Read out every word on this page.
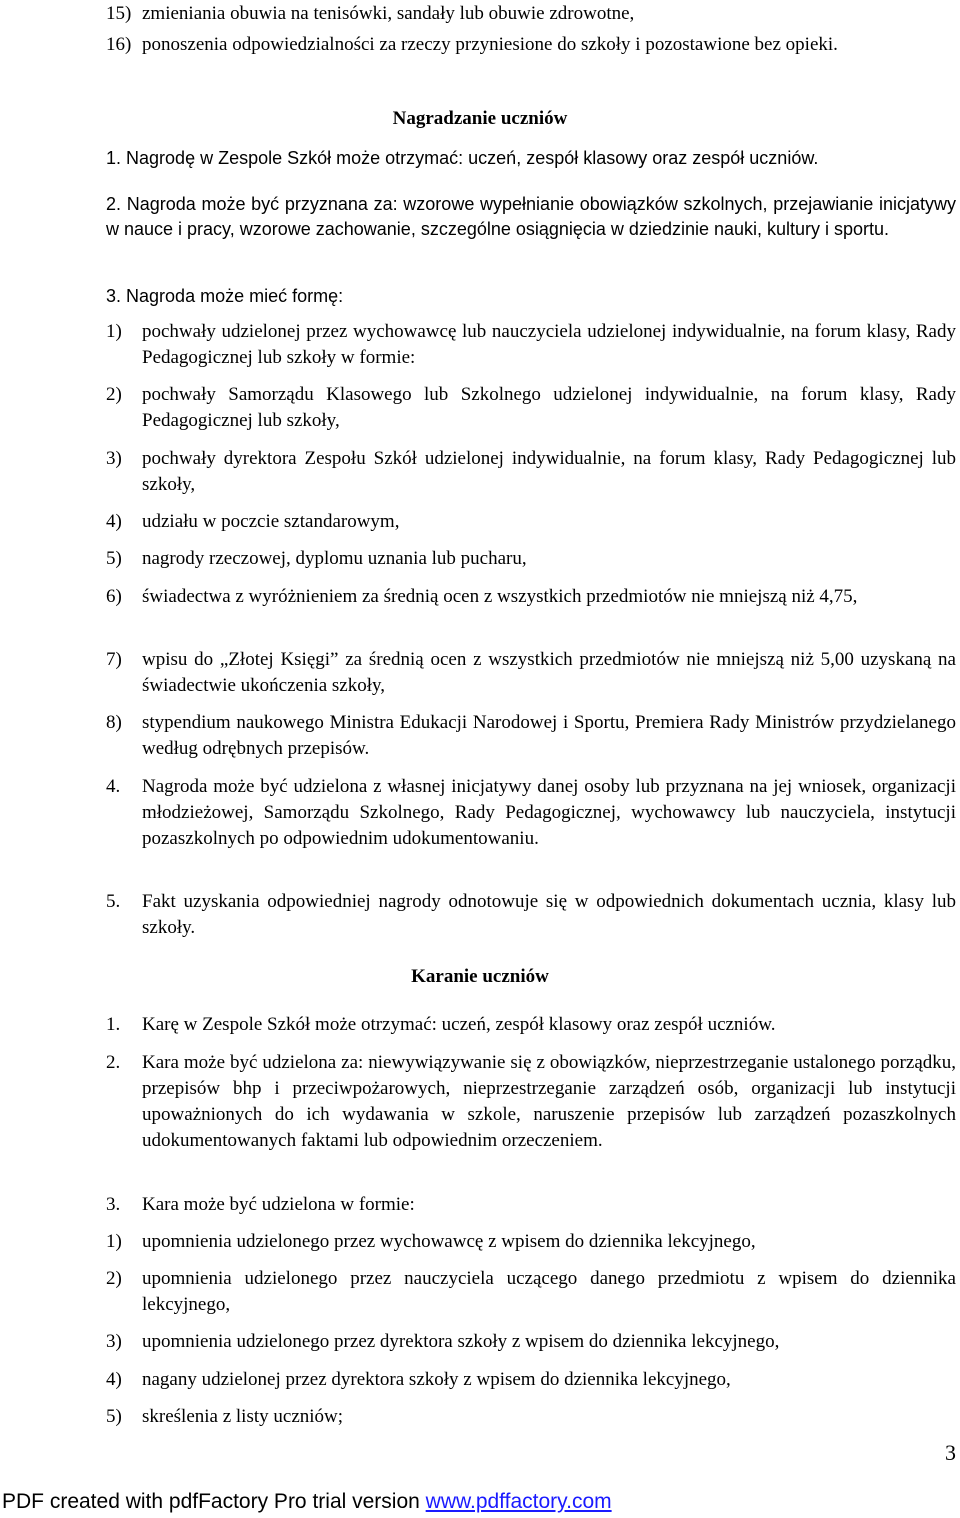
15) zmieniania obuwia na tenisówki, sandały lub obuwie zdrowotne,
16) ponoszenia odpowiedzialności za rzeczy przyniesione do szkoły i pozostawione bez opieki.
Nagradzanie uczniów
1. Nagrodę w Zespole Szkół może otrzymać: uczeń, zespół klasowy oraz zespół uczniów.
2. Nagroda może być przyznana za: wzorowe wypełnianie obowiązków szkolnych, przejawianie inicjatywy w nauce i pracy, wzorowe zachowanie, szczególne osiągnięcia w dziedzinie nauki, kultury i sportu.
3. Nagroda może mieć formę:
1) pochwały udzielonej przez wychowawcę lub nauczyciela udzielonej indywidualnie, na forum klasy, Rady Pedagogicznej lub szkoły w formie:
2) pochwały Samorządu Klasowego lub Szkolnego udzielonej indywidualnie, na forum klasy, Rady Pedagogicznej lub szkoły,
3) pochwały dyrektora Zespołu Szkół udzielonej indywidualnie, na forum klasy, Rady Pedagogicznej lub szkoły,
4) udziału w poczcie sztandarowym,
5) nagrody rzeczowej, dyplomu uznania lub pucharu,
6) świadectwa z wyróżnieniem za średnią ocen z wszystkich przedmiotów nie mniejszą niż 4,75,
7) wpisu do „Złotej Księgi” za średnią ocen z wszystkich przedmiotów nie mniejszą niż 5,00 uzyskaną na świadectwie ukończenia szkoły,
8) stypendium naukowego Ministra Edukacji Narodowej i Sportu, Premiera Rady Ministrów przydzielanego według odrębnych przepisów.
4. Nagroda może być udzielona z własnej inicjatywy danej osoby lub przyznana na jej wniosek, organizacji młodzieżowej, Samorządu Szkolnego, Rady Pedagogicznej, wychowawcy lub nauczyciela, instytucji pozaszkolnych po odpowiednim udokumentowaniu.
5. Fakt uzyskania odpowiedniej nagrody odnotowuje się w odpowiednich dokumentach ucznia, klasy lub szkoły.
Karanie uczniów
1. Karę w Zespole Szkół może otrzymać: uczeń, zespół klasowy oraz zespół uczniów.
2. Kara może być udzielona za: niewywiązywanie się z obowiązków, nieprzestrzeganie ustalonego porządku, przepisów bhp i przeciwpożarowych, nieprzestrzeganie zarządzeń osób, organizacji lub instytucji upoważnionych do ich wydawania w szkole, naruszenie przepisów lub zarządzeń pozaszkolnych udokumentowanych faktami lub odpowiednim orzeczeniem.
3. Kara może być udzielona w formie:
1) upomnienia udzielonego przez wychowawcę z wpisem do dziennika lekcyjnego,
2) upomnienia udzielonego przez nauczyciela uczącego danego przedmiotu z wpisem do dziennika lekcyjnego,
3) upomnienia udzielonego przez dyrektora szkoły z wpisem do dziennika lekcyjnego,
4) nagany udzielonej przez dyrektora szkoły z wpisem do dziennika lekcyjnego,
5) skreślenia z listy uczniów;
3
PDF created with pdfFactory Pro trial version www.pdffactory.com
